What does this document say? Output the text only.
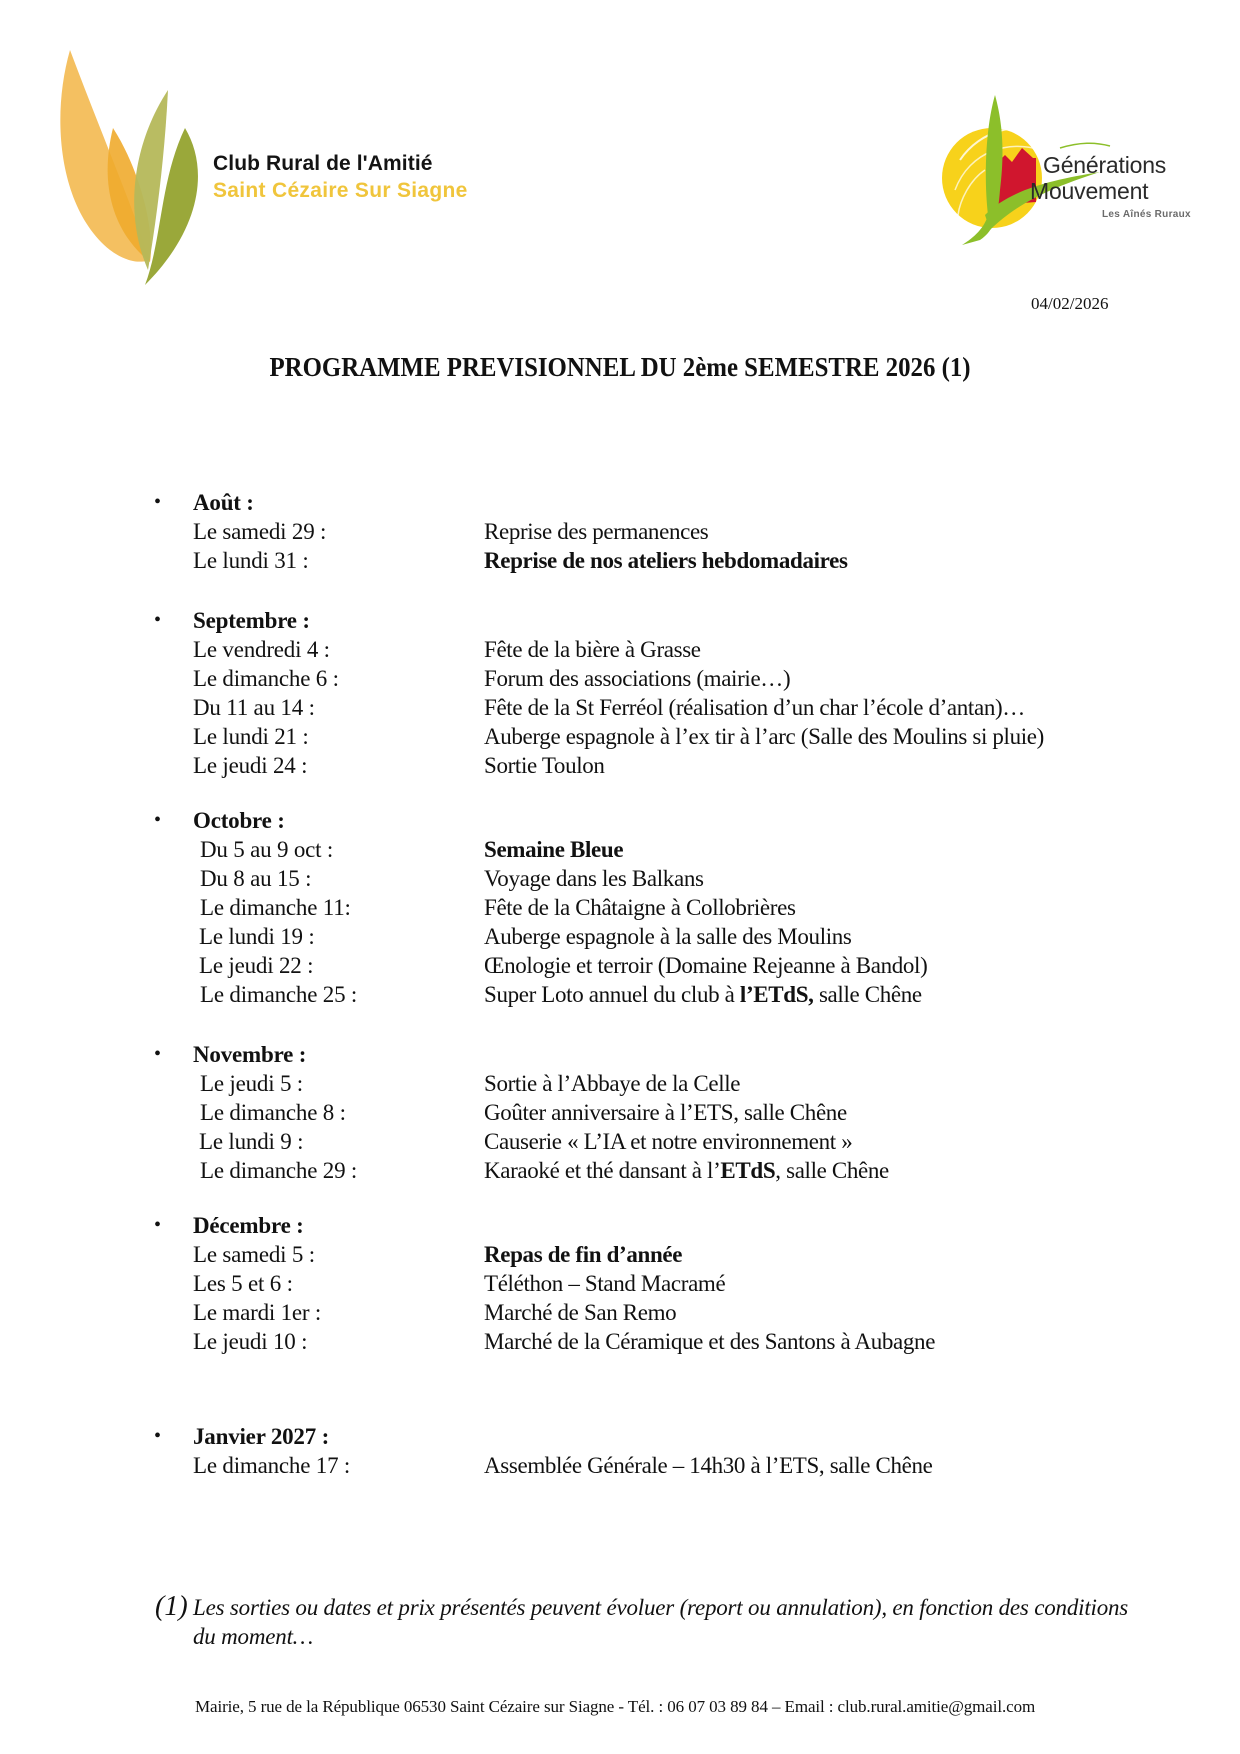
Club Rural de l'Amitié
Saint Cézaire Sur Siagne
Générations
Mouvement
Les Aînés Ruraux
04/02/2026
PROGRAMME PREVISIONNEL DU 2ème SEMESTRE 2026 (1)
• Août :
Le samedi 29 :	Reprise des permanences
Le lundi 31 :	Reprise de nos ateliers hebdomadaires
• Septembre :
Le vendredi 4 :	Fête de la bière à Grasse
Le dimanche 6 :	Forum des associations (mairie…)
Du 11 au 14 :	Fête de la St Ferréol (réalisation d’un char l’école d’antan)…
Le lundi 21 :	Auberge espagnole à l’ex tir à l’arc (Salle des Moulins si pluie)
Le jeudi 24 :	Sortie Toulon
• Octobre :
Du 5 au 9 oct :	Semaine Bleue
Du 8 au 15 :	Voyage dans les Balkans
Le dimanche 11:	Fête de la Châtaigne à Collobrières
Le lundi 19 :	Auberge espagnole à la salle des Moulins
Le jeudi 22 :	Œnologie et terroir (Domaine Rejeanne à Bandol)
Le dimanche 25 :	Super Loto annuel du club à l’ETdS, salle Chêne
• Novembre :
Le jeudi 5 :	Sortie à l’Abbaye de la Celle
Le dimanche 8 :	Goûter anniversaire à l’ETS, salle Chêne
Le lundi 9 :	Causerie « L’IA et notre environnement »
Le dimanche 29 :	Karaoké et thé dansant à l’ETdS, salle Chêne
• Décembre :
Le samedi 5 :	Repas de fin d’année
Les 5 et 6 :	Téléthon – Stand Macramé
Le mardi 1er :	Marché de San Remo
Le jeudi 10 :	Marché de la Céramique et des Santons à Aubagne
• Janvier 2027 :
Le dimanche 17 :	Assemblée Générale – 14h30 à l’ETS, salle Chêne
(1) Les sorties ou dates et prix présentés peuvent évoluer (report ou annulation), en fonction des conditions du moment…
Mairie, 5 rue de la République 06530 Saint Cézaire sur Siagne - Tél. : 06 07 03 89 84 – Email : club.rural.amitie@gmail.com
